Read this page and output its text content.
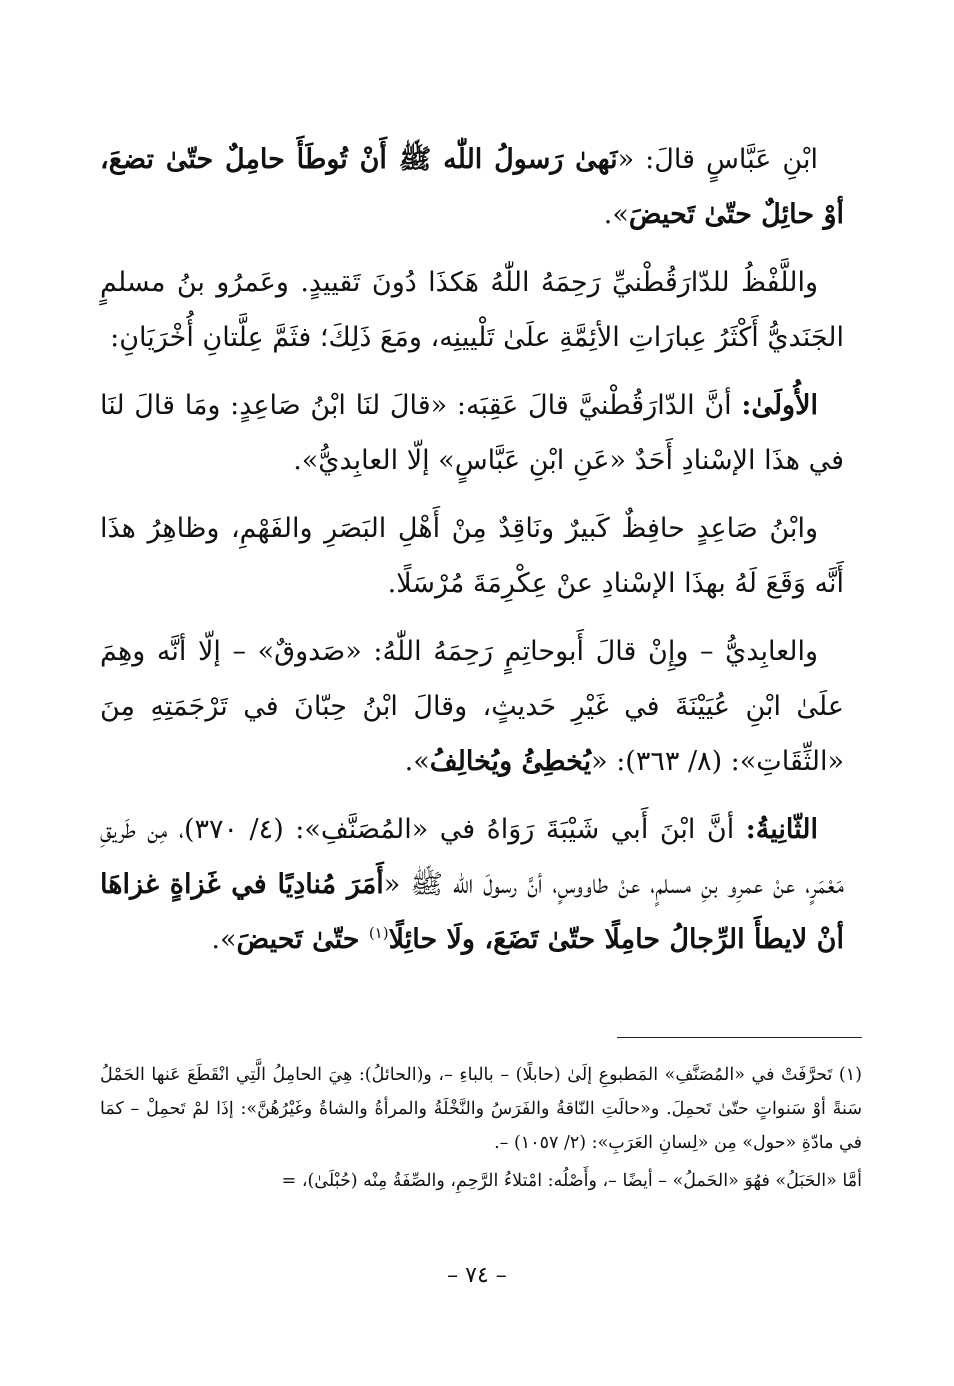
ابْنِ عَبَّاسٍ قالَ: «نَهىٰ رَسولُ اللّٰه ﷺ أَنْ تُوطَأَ حامِلٌ حتّىٰ تضعَ، أوْ حائِلٌ حتّىٰ تَحيضَ».

واللَّفْظُ للدّارَقُطْنيِّ رَحِمَهُ اللّٰهُ هَكذَا دُونَ تَقييدٍ. وعَمرُو بنُ مسلمٍ الجَنَديُّ أَكْثَرُ عِبارَاتِ الأئِمَّةِ علَىٰ تَلْيينِه، ومَعَ ذَلِكَ؛ فثَمَّ عِلَّتانِ أُخْرَيَانِ:

الأُولَىٰ: أنَّ الدّارَقُطْنيَّ قالَ عَقِبَه: «قالَ لنَا ابْنُ صَاعِدٍ: ومَا قالَ لنَا في هذَا الإسْنادِ أَحَدٌ «عَنِ ابْنِ عَبَّاسٍ» إلّا العابِديُّ».

وابْنُ صَاعِدٍ حافِظٌ كَبيرٌ ونَاقِدٌ مِنْ أَهْلِ البَصَرِ والفَهْمِ، وظاهِرُ هذَا أَنَّه وَقَعَ لَهُ بهذَا الإسْنادِ عنْ عِكْرِمَةَ مُرْسَلًا.

والعابِديُّ – وإِنْ قالَ أَبوحاتِمٍ رَحِمَهُ اللّٰهُ: «صَدوقٌ» – إلّا أنَّه وهِمَ علَىٰ ابْنِ عُيَيْنَةَ في غَيْرِ حَديثٍ، وقالَ ابْنُ حِبّانَ في تَرْجَمَتِهِ مِنَ «الثِّقَاتِ»: (٨/ ٣٦٣): «يُخطِئُ ويُخالِفُ».

الثّانِيةُ: أنَّ ابْنَ أَبي شَيْبَةَ رَوَاهُ في «المُصَنَّفِ»: (٤/ ٣٧٠)، مِن طَريقِ مَعْمَرٍ، عنْ عمرِو بنِ مسلمٍ، عنْ طاووسٍ، أنَّ رسولَ اللّٰه ﷺ «أَمَرَ مُنادِيًا في غَزاةٍ غزاهَا أنْ لايطأَ الرِّجالُ حامِلًا حتّىٰ تَضَعَ، ولَا حائِلًا$^{(١)}$ حتّىٰ تَحيضَ».

(١) تَحرَّفَتْ في «المُصَنَّفِ» المَطبوعِ إلَىٰ (حابلًا) – بالباءِ –، و(الحائلُ): هِيَ الحامِلُ الَّتِي انْقَطَعَ عَنها الحَمْلُ سَنةً أوْ سَنواتٍ حتّىٰ تَحمِلَ. و«حالَتِ النّاقةُ والفَرَسُ والنَّخْلَةُ والمرأةُ والشاةُ وغَيْرُهُنَّ»: إذَا لمْ تَحمِلْ – كمَا في مادّةِ «حول» مِن «لِسانِ العَرَبِ»: (٢/ ١٠٥٧) –.

أمَّا «الحَبَلُ» فهُوَ «الحَملُ» – أيضًا –، وأَصْلُه: امْتلاءُ الرَّحِمِ، والصِّفَةُ مِنْه (حُبْلَىٰ)، =

– ٧٤ –
